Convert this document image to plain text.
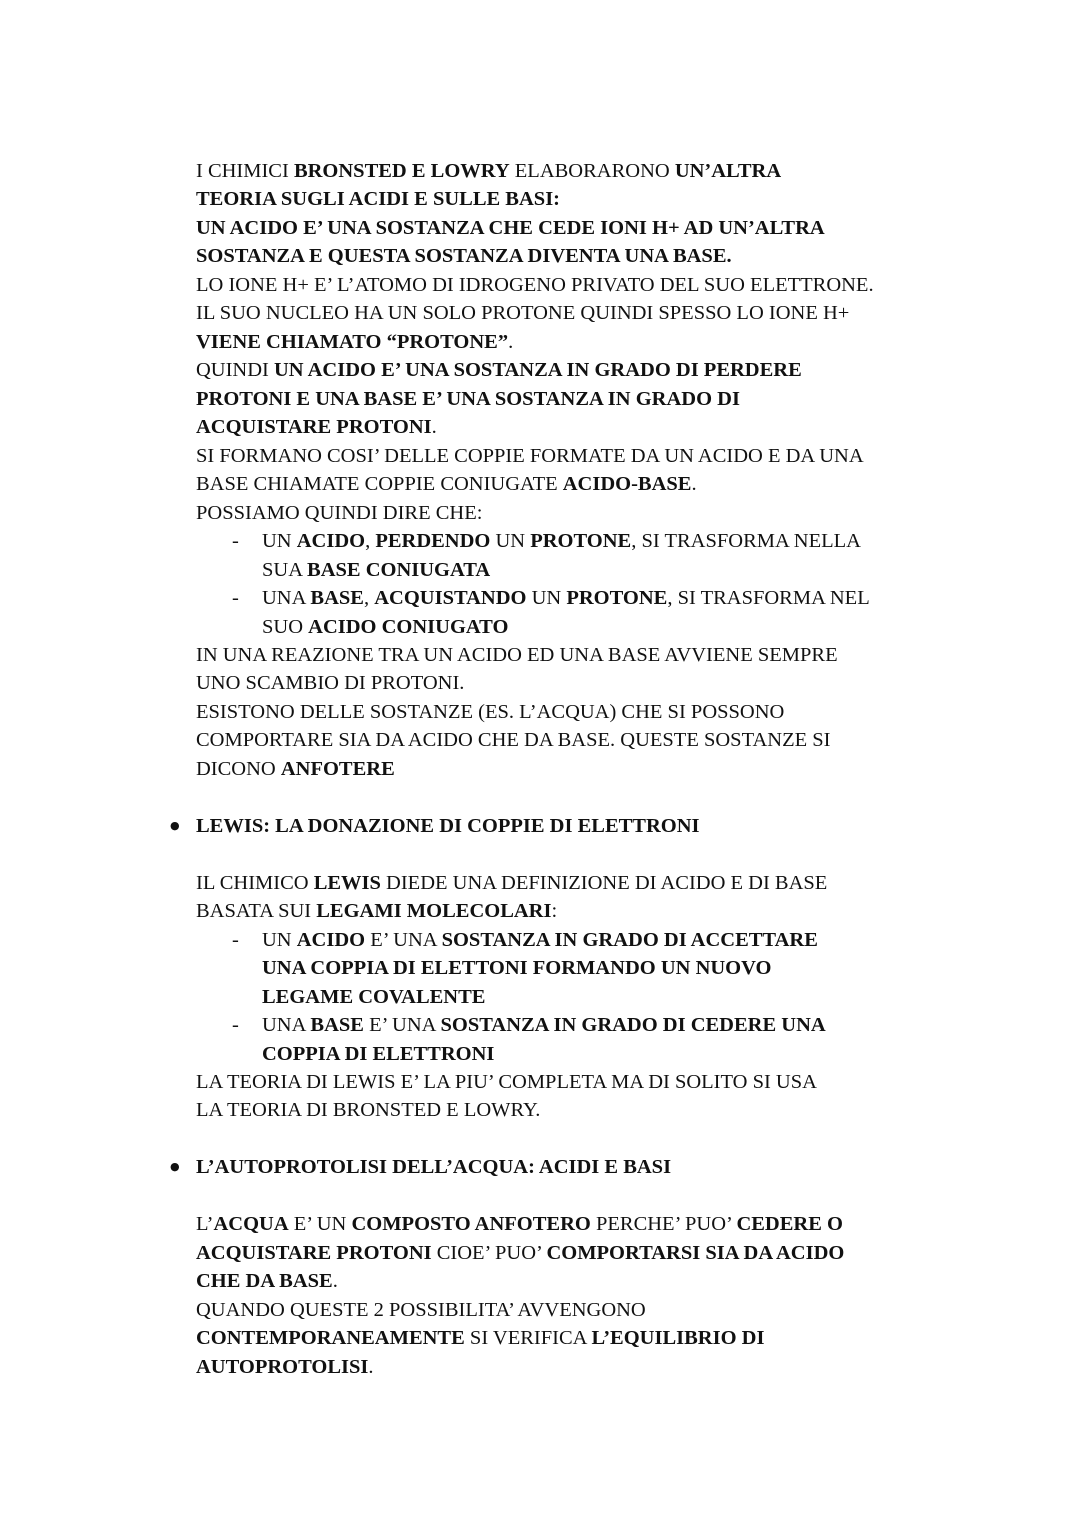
I CHIMICI BRONSTED E LOWRY ELABORARONO UN’ALTRA
TEORIA SUGLI ACIDI E SULLE BASI:
UN ACIDO E’ UNA SOSTANZA CHE CEDE IONI H+ AD UN’ALTRA
SOSTANZA E QUESTA SOSTANZA DIVENTA UNA BASE.
LO IONE H+ E’ L’ATOMO DI IDROGENO PRIVATO DEL SUO ELETTRONE.
IL SUO NUCLEO HA UN SOLO PROTONE QUINDI SPESSO LO IONE H+
VIENE CHIAMATO “PROTONE”.
QUINDI UN ACIDO E’ UNA SOSTANZA IN GRADO DI PERDERE
PROTONI E UNA BASE E’ UNA SOSTANZA IN GRADO DI
ACQUISTARE PROTONI.
SI FORMANO COSI’ DELLE COPPIE FORMATE DA UN ACIDO E DA UNA
BASE CHIAMATE COPPIE CONIUGATE ACIDO-BASE.
POSSIAMO QUINDI DIRE CHE:
- UN ACIDO, PERDENDO UN PROTONE, SI TRASFORMA NELLA
SUA BASE CONIUGATA
- UNA BASE, ACQUISTANDO UN PROTONE, SI TRASFORMA NEL
SUO ACIDO CONIUGATO
IN UNA REAZIONE TRA UN ACIDO ED UNA BASE AVVIENE SEMPRE
UNO SCAMBIO DI PROTONI.
ESISTONO DELLE SOSTANZE (ES. L’ACQUA) CHE SI POSSONO
COMPORTARE SIA DA ACIDO CHE DA BASE. QUESTE SOSTANZE SI
DICONO ANFOTERE
● LEWIS: LA DONAZIONE DI COPPIE DI ELETTRONI
IL CHIMICO LEWIS DIEDE UNA DEFINIZIONE DI ACIDO E DI BASE
BASATA SUI LEGAMI MOLECOLARI:
- UN ACIDO E’ UNA SOSTANZA IN GRADO DI ACCETTARE
UNA COPPIA DI ELETTONI FORMANDO UN NUOVO
LEGAME COVALENTE
- UNA BASE E’ UNA SOSTANZA IN GRADO DI CEDERE UNA
COPPIA DI ELETTRONI
LA TEORIA DI LEWIS E’ LA PIU’ COMPLETA MA DI SOLITO SI USA
LA TEORIA DI BRONSTED E LOWRY.
● L’AUTOPROTOLISI DELL’ACQUA: ACIDI E BASI
L’ACQUA E’ UN COMPOSTO ANFOTERO PERCHE’ PUO’ CEDERE O
ACQUISTARE PROTONI CIOE’ PUO’ COMPORTARSI SIA DA ACIDO
CHE DA BASE.
QUANDO QUESTE 2 POSSIBILITA’ AVVENGONO
CONTEMPORANEAMENTE SI VERIFICA L’EQUILIBRIO DI
AUTOPROTOLISI.
